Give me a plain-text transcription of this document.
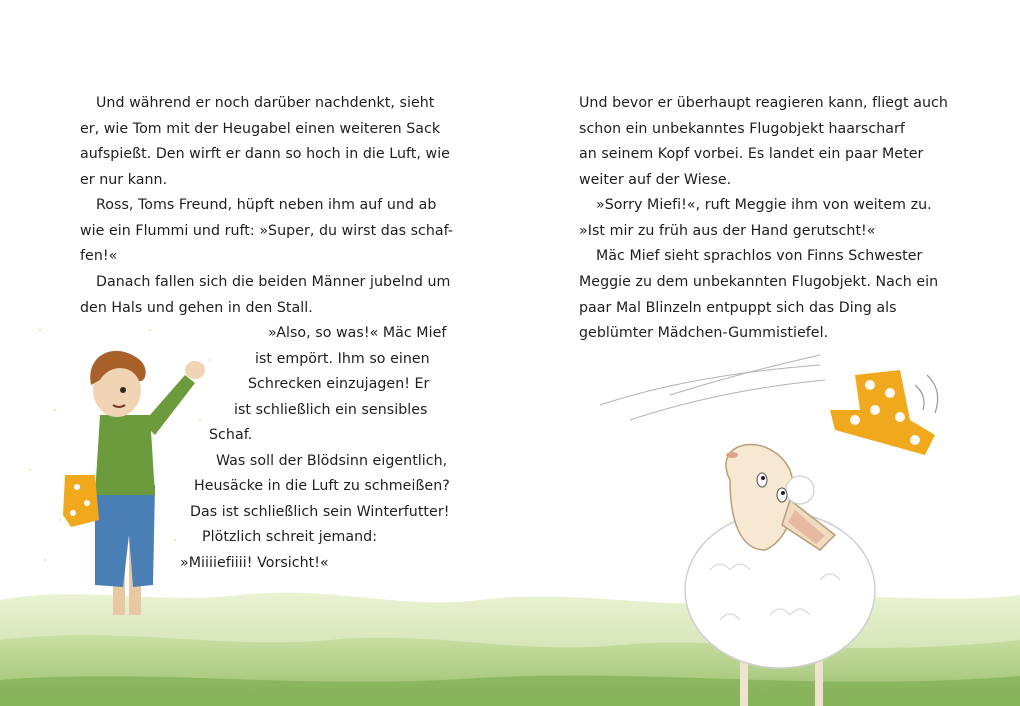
Und während er noch darüber nachdenkt, sieht
er, wie Tom mit der Heugabel einen weiteren Sack
aufspießt. Den wirft er dann so hoch in die Luft, wie
er nur kann.
Ross, Toms Freund, hüpft neben ihm auf und ab
wie ein Flummi und ruft: »Super, du wirst das schaf-
fen!«
Danach fallen sich die beiden Männer jubelnd um
den Hals und gehen in den Stall.
»Also, so was!« Mäc Mief
ist empört. Ihm so einen
Schrecken einzujagen! Er
ist schließlich ein sensibles
Schaf.
Was soll der Blödsinn eigentlich,
Heusäcke in die Luft zu schmeißen?
Das ist schließlich sein Winterfutter!
Plötzlich schreit jemand:
»Miiiiefiiii! Vorsicht!«
Und bevor er überhaupt reagieren kann, fliegt auch
schon ein unbekanntes Flugobjekt haarscharf
an seinem Kopf vorbei. Es landet ein paar Meter
weiter auf der Wiese.
»Sorry Miefi!«, ruft Meggie ihm von weitem zu.
»Ist mir zu früh aus der Hand gerutscht!«
Mäc Mief sieht sprachlos von Finns Schwester
Meggie zu dem unbekannten Flugobjekt. Nach ein
paar Mal Blinzeln entpuppt sich das Ding als
geblümter Mädchen-Gummistiefel.
